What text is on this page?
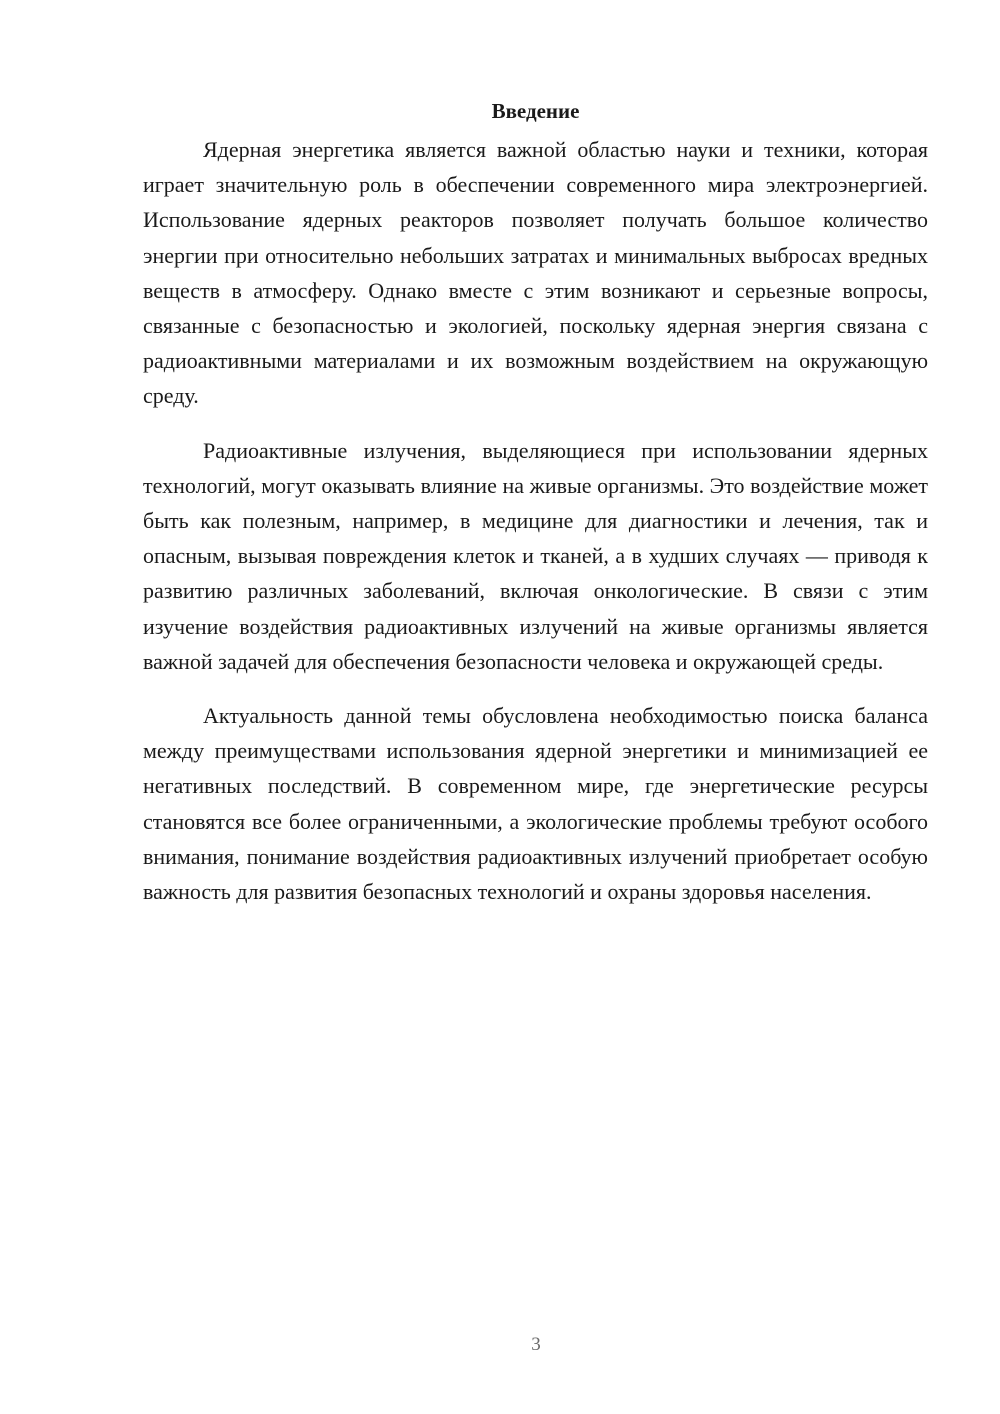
Введение

Ядерная энергетика является важной областью науки и техники, которая играет значительную роль в обеспечении современного мира электроэнергией. Использование ядерных реакторов позволяет получать большое количество энергии при относительно небольших затратах и минимальных выбросах вредных веществ в атмосферу. Однако вместе с этим возникают и серьезные вопросы, связанные с безопасностью и экологией, поскольку ядерная энергия связана с радиоактивными материалами и их возможным воздействием на окружающую среду.

Радиоактивные излучения, выделяющиеся при использовании ядерных технологий, могут оказывать влияние на живые организмы. Это воздействие может быть как полезным, например, в медицине для диагностики и лечения, так и опасным, вызывая повреждения клеток и тканей, а в худших случаях — приводя к развитию различных заболеваний, включая онкологические. В связи с этим изучение воздействия радиоактивных излучений на живые организмы является важной задачей для обеспечения безопасности человека и окружающей среды.

Актуальность данной темы обусловлена необходимостью поиска баланса между преимуществами использования ядерной энергетики и минимизацией ее негативных последствий. В современном мире, где энергетические ресурсы становятся все более ограниченными, а экологические проблемы требуют особого внимания, понимание воздействия радиоактивных излучений приобретает особую важность для развития безопасных технологий и охраны здоровья населения.

3
